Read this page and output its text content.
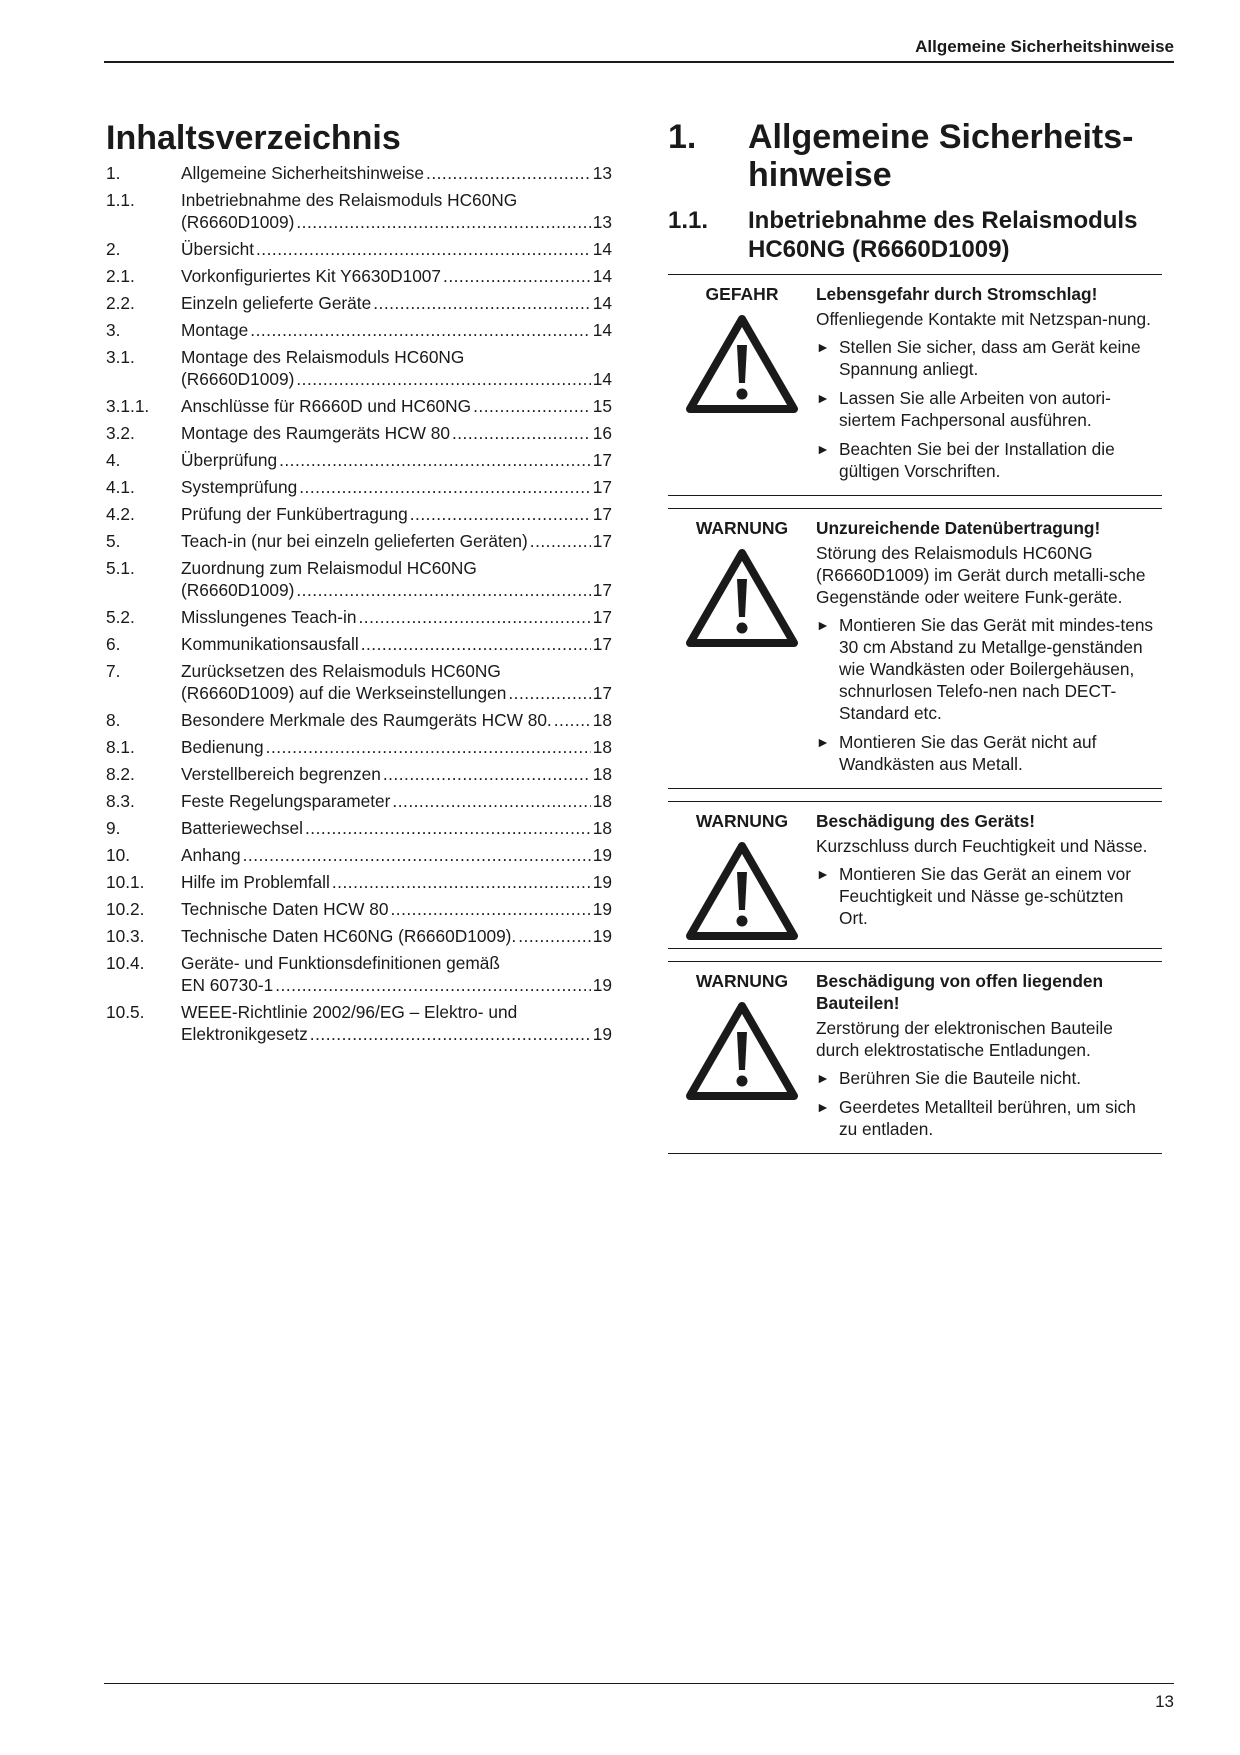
Allgemeine Sicherheitshinweise
Inhaltsverzeichnis
1.	Allgemeine Sicherheitshinweise .....	13
1.1.	Inbetriebnahme des Relaismoduls HC60NG
(R6660D1009) .....	13
2.	Übersicht .....	14
2.1.	Vorkonfiguriertes Kit Y6630D1007 .....	14
2.2.	Einzeln gelieferte Geräte .....	14
3.	Montage .....	14
3.1.	Montage des Relaismoduls HC60NG
(R6660D1009) .....	14
3.1.1. Anschlüsse für R6660D und HC60NG .....	15
3.2.	Montage des Raumgeräts HCW 80 .....	16
4.	Überprüfung .....	17
4.1.	Systemprüfung .....	17
4.2.	Prüfung der Funkübertragung .....	17
5.	Teach-in (nur bei einzeln gelieferten Geräten) .....	17
5.1.	Zuordnung zum Relaismodul HC60NG
(R6660D1009) .....	17
5.2.	Misslungenes Teach-in .....	17
6.	Kommunikationsausfall .....	17
7.	Zurücksetzen des Relaismoduls HC60NG
(R6660D1009) auf die Werkseinstellungen .....	17
8.	Besondere Merkmale des Raumgeräts HCW 80. ..... 18
8.1.	Bedienung .....	18
8.2.	Verstellbereich begrenzen .....	18
8.3.	Feste Regelungsparameter .....	18
9.	Batteriewechsel .....	18
10.	Anhang .....	19
10.1. Hilfe im Problemfall .....	19
10.2. Technische Daten HCW 80 .....	19
10.3. Technische Daten HC60NG (R6660D1009). .....	19
10.4. Geräte- und Funktionsdefinitionen gemäß
EN 60730-1 .....	19
10.5. WEEE-Richtlinie 2002/96/EG – Elektro- und
Elektronikgesetz .....	19
1. Allgemeine Sicherheits-
hinweise
1.1. Inbetriebnahme des Relaismoduls
HC60NG (R6660D1009)
GEFAHR	Lebensgefahr durch Stromschlag!
Offenliegende Kontakte mit Netzspan-nung.
► Stellen Sie sicher, dass am Gerät keine Spannung anliegt.
► Lassen Sie alle Arbeiten von autori-siertem Fachpersonal ausführen.
► Beachten Sie bei der Installation die gültigen Vorschriften.
WARNUNG	Unzureichende Datenübertragung!
Störung des Relaismoduls HC60NG (R6660D1009) im Gerät durch metalli-sche Gegenstände oder weitere Funk-geräte.
► Montieren Sie das Gerät mit mindes-tens 30 cm Abstand zu Metallge-genständen wie Wandkästen oder Boilergehäusen, schnurlosen Telefo-nen nach DECT-Standard etc.
► Montieren Sie das Gerät nicht auf Wandkästen aus Metall.
WARNUNG	Beschädigung des Geräts!
Kurzschluss durch Feuchtigkeit und Nässe.
► Montieren Sie das Gerät an einem vor Feuchtigkeit und Nässe ge-schützten Ort.
WARNUNG	Beschädigung von offen liegenden Bauteilen!
Zerstörung der elektronischen Bauteile durch elektrostatische Entladungen.
► Berühren Sie die Bauteile nicht.
► Geerdetes Metallteil berühren, um sich zu entladen.
13
